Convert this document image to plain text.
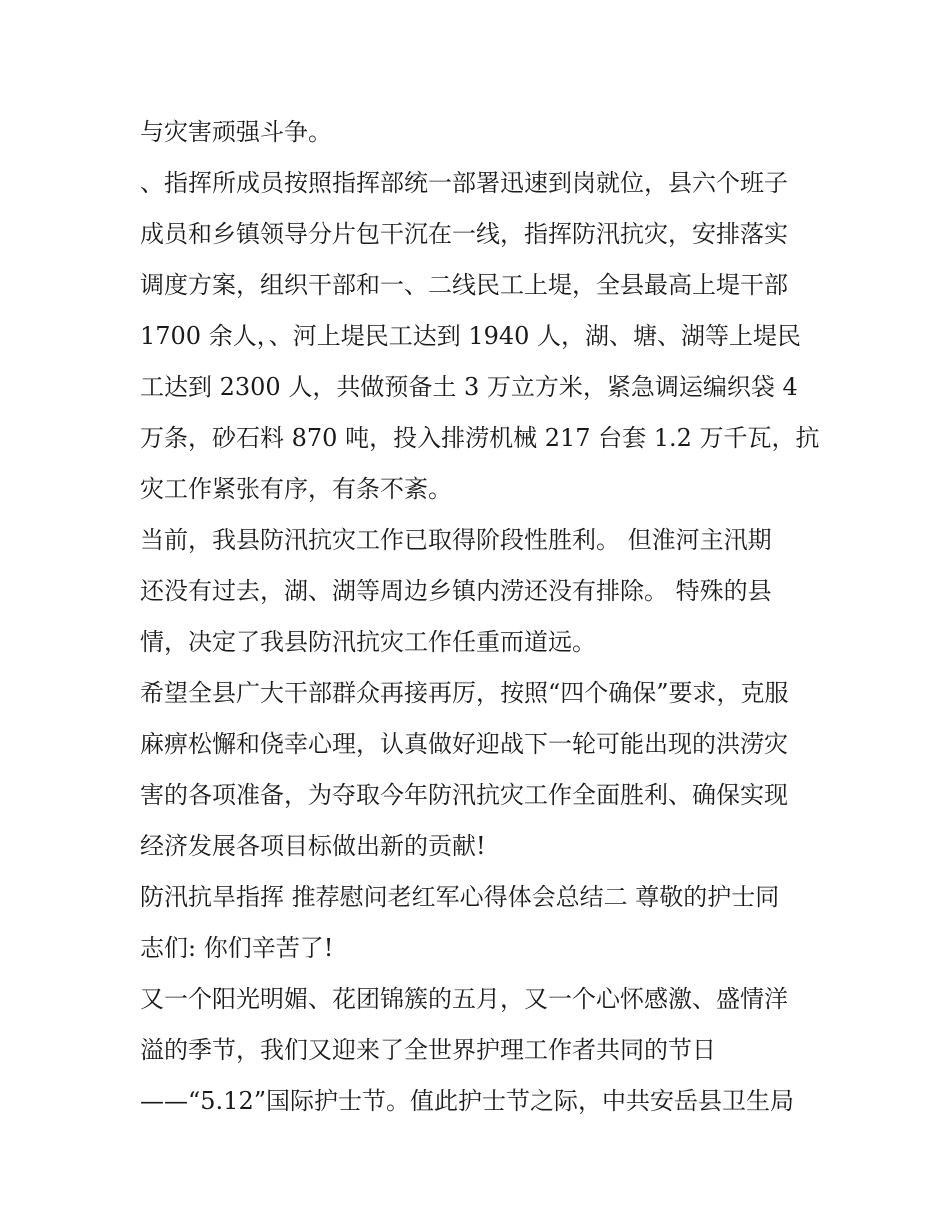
与灾害顽强斗争。

、指挥所成员按照指挥部统一部署迅速到岗就位，县六个班子
成员和乡镇领导分片包干沉在一线，指挥防汛抗灾，安排落实
调度方案，组织干部和一、二线民工上堤，全县最高上堤干部
1700 余人，、河上堤民工达到 1940 人，湖、塘、湖等上堤民
工达到 2300 人，共做预备土 3 万立方米，紧急调运编织袋 4
万条，砂石料 870 吨，投入排涝机械 217 台套 1.2 万千瓦，抗
灾工作紧张有序，有条不紊。

当前，我县防汛抗灾工作已取得阶段性胜利。 但淮河主汛期
还没有过去，湖、湖等周边乡镇内涝还没有排除。 特殊的县
情，决定了我县防汛抗灾工作任重而道远。

希望全县广大干部群众再接再厉，按照“四个确保”要求，克服
麻痹松懈和侥幸心理，认真做好迎战下一轮可能出现的洪涝灾
害的各项准备，为夺取今年防汛抗灾工作全面胜利、确保实现
经济发展各项目标做出新的贡献!

防汛抗旱指挥 推荐慰问老红军心得体会总结二 尊敬的护士同
志们: 你们辛苦了!

又一个阳光明媚、花团锦簇的五月，又一个心怀感激、盛情洋
溢的季节，我们又迎来了全世界护理工作者共同的节日
——“5.12”国际护士节。值此护士节之际，中共安岳县卫生局
